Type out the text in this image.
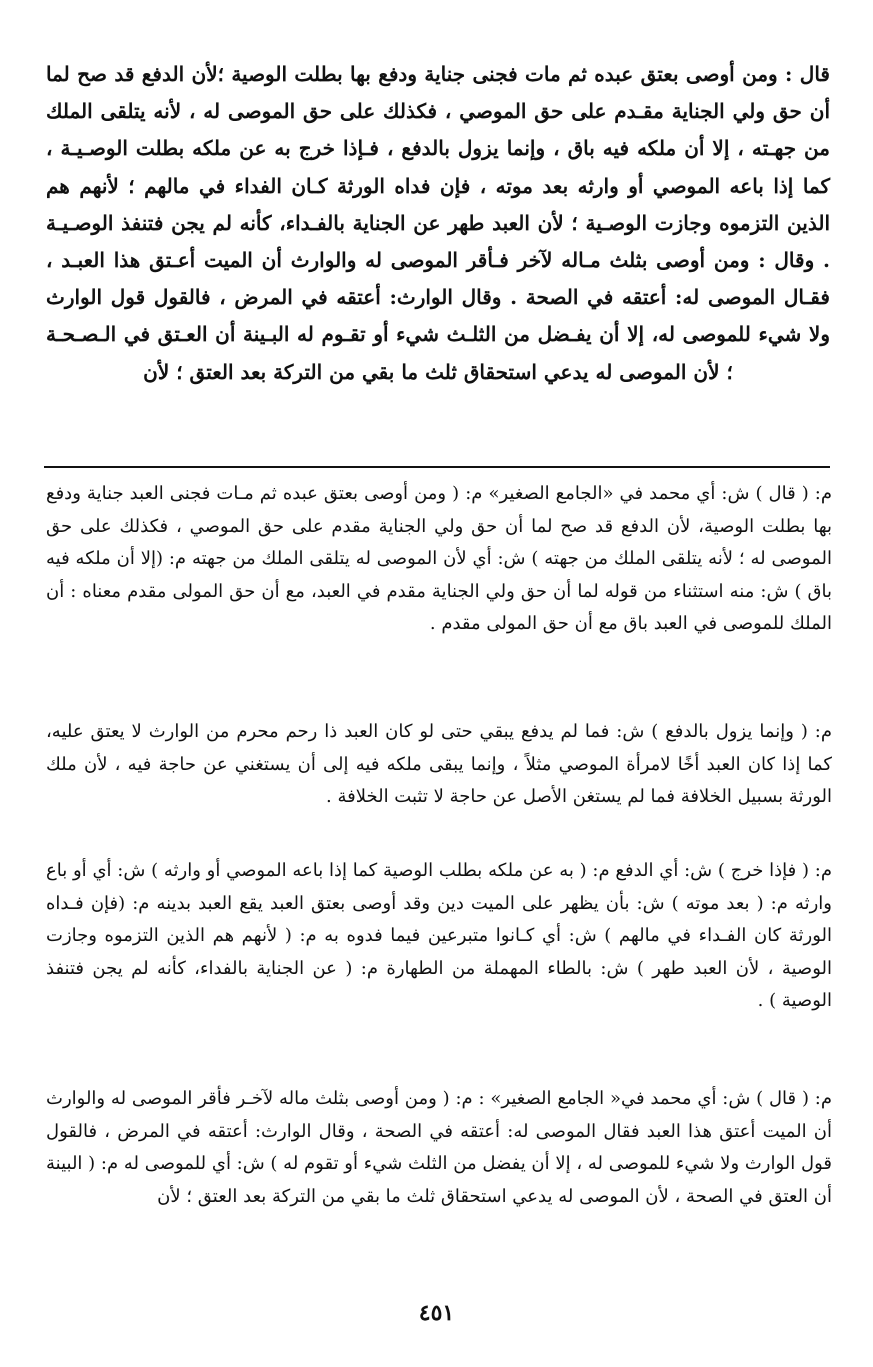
قال : ومن أوصى بعتق عبده ثم مات فجنى جناية ودفع بها بطلت الوصية ؛لأن الدفع قد صح لما أن حق ولي الجناية مقـدم على حق الموصي ، فكذلك على حق الموصى له ، لأنه يتلقى الملك من جهـته ، إلا أن ملكه فيه باق ، وإنما يزول بالدفع ، فـإذا خرج به عن ملكه بطلت الوصـيـة ، كما إذا باعه الموصي أو وارثه بعد موته ، فإن فداه الورثة كـان الفداء في مالهم ؛ لأنهم هم الذين التزموه وجازت الوصـية ؛ لأن العبد طهر عن الجناية بالفـداء، كأنه لم يجن فتنفذ الوصـيـة . وقال : ومن أوصى بثلث مـاله لآخر فـأقر الموصى له والوارث أن الميت أعـتق هذا العبـد ، فقـال الموصى له: أعتقه في الصحة . وقال الوارث: أعتقه في المرض ، فالقول قول الوارث ولا شيء للموصى له، إلا أن يفـضل من الثلـث شيء أو تقـوم له البـينة أن العـتق في الـصـحـة ؛ لأن الموصى له يدعي استحقاق ثلث ما بقي من التركة بعد العتق ؛ لأن

م: ( قال ) ش: أي محمد في «الجامع الصغير» م: ( ومن أوصى بعتق عبده ثم مـات فجنى العبد جناية ودفع بها بطلت الوصية، لأن الدفع قد صح لما أن حق ولي الجناية مقدم على حق الموصي ، فكذلك على حق الموصى له ؛ لأنه يتلقى الملك من جهته ) ش: أي لأن الموصى له يتلقى الملك من جهته م: (إلا أن ملكه فيه باق ) ش: منه استثناء من قوله لما أن حق ولي الجناية مقدم في العبد، مع أن حق المولى مقدم معناه : أن الملك للموصى في العبد باق مع أن حق المولى مقدم .

م: ( وإنما يزول بالدفع ) ش: فما لم يدفع يبقي حتى لو كان العبد ذا رحم محرم من الوارث لا يعتق عليه، كما إذا كان العبد أخًا لامرأة الموصي مثلاً ، وإنما يبقى ملكه فيه إلى أن يستغني عن حاجة فيه ، لأن ملك الورثة بسبيل الخلافة فما لم يستغن الأصل عن حاجة لا تثبت الخلافة .

م: ( فإذا خرج ) ش: أي الدفع م: ( به عن ملكه بطلب الوصية كما إذا باعه الموصي أو وارثه ) ش: أي أو باع وارثه م: ( بعد موته ) ش: بأن يظهر على الميت دين وقد أوصى بعتق العبد يقع العبد بدينه م: (فإن فـداه الورثة كان الفـداء في مالهم ) ش: أي كـانوا متبرعين فيما فدوه به م: ( لأنهم هم الذين التزموه وجازت الوصية ، لأن العبد طهر ) ش: بالطاء المهملة من الطهارة م: ( عن الجناية بالفداء، كأنه لم يجن فتنفذ الوصية ) .

م: ( قال ) ش: أي محمد في« الجامع الصغير» : م: ( ومن أوصى بثلث ماله لآخـر فأقر الموصى له والوارث أن الميت أعتق هذا العبد فقال الموصى له: أعتقه في الصحة ، وقال الوارث: أعتقه في المرض ، فالقول قول الوارث ولا شيء للموصى له ، إلا أن يفضل من الثلث شيء أو تقوم له ) ش: أي للموصى له م: ( البينة أن العتق في الصحة ، لأن الموصى له يدعي استحقاق ثلث ما بقي من التركة بعد العتق ؛ لأن

٤٥١
